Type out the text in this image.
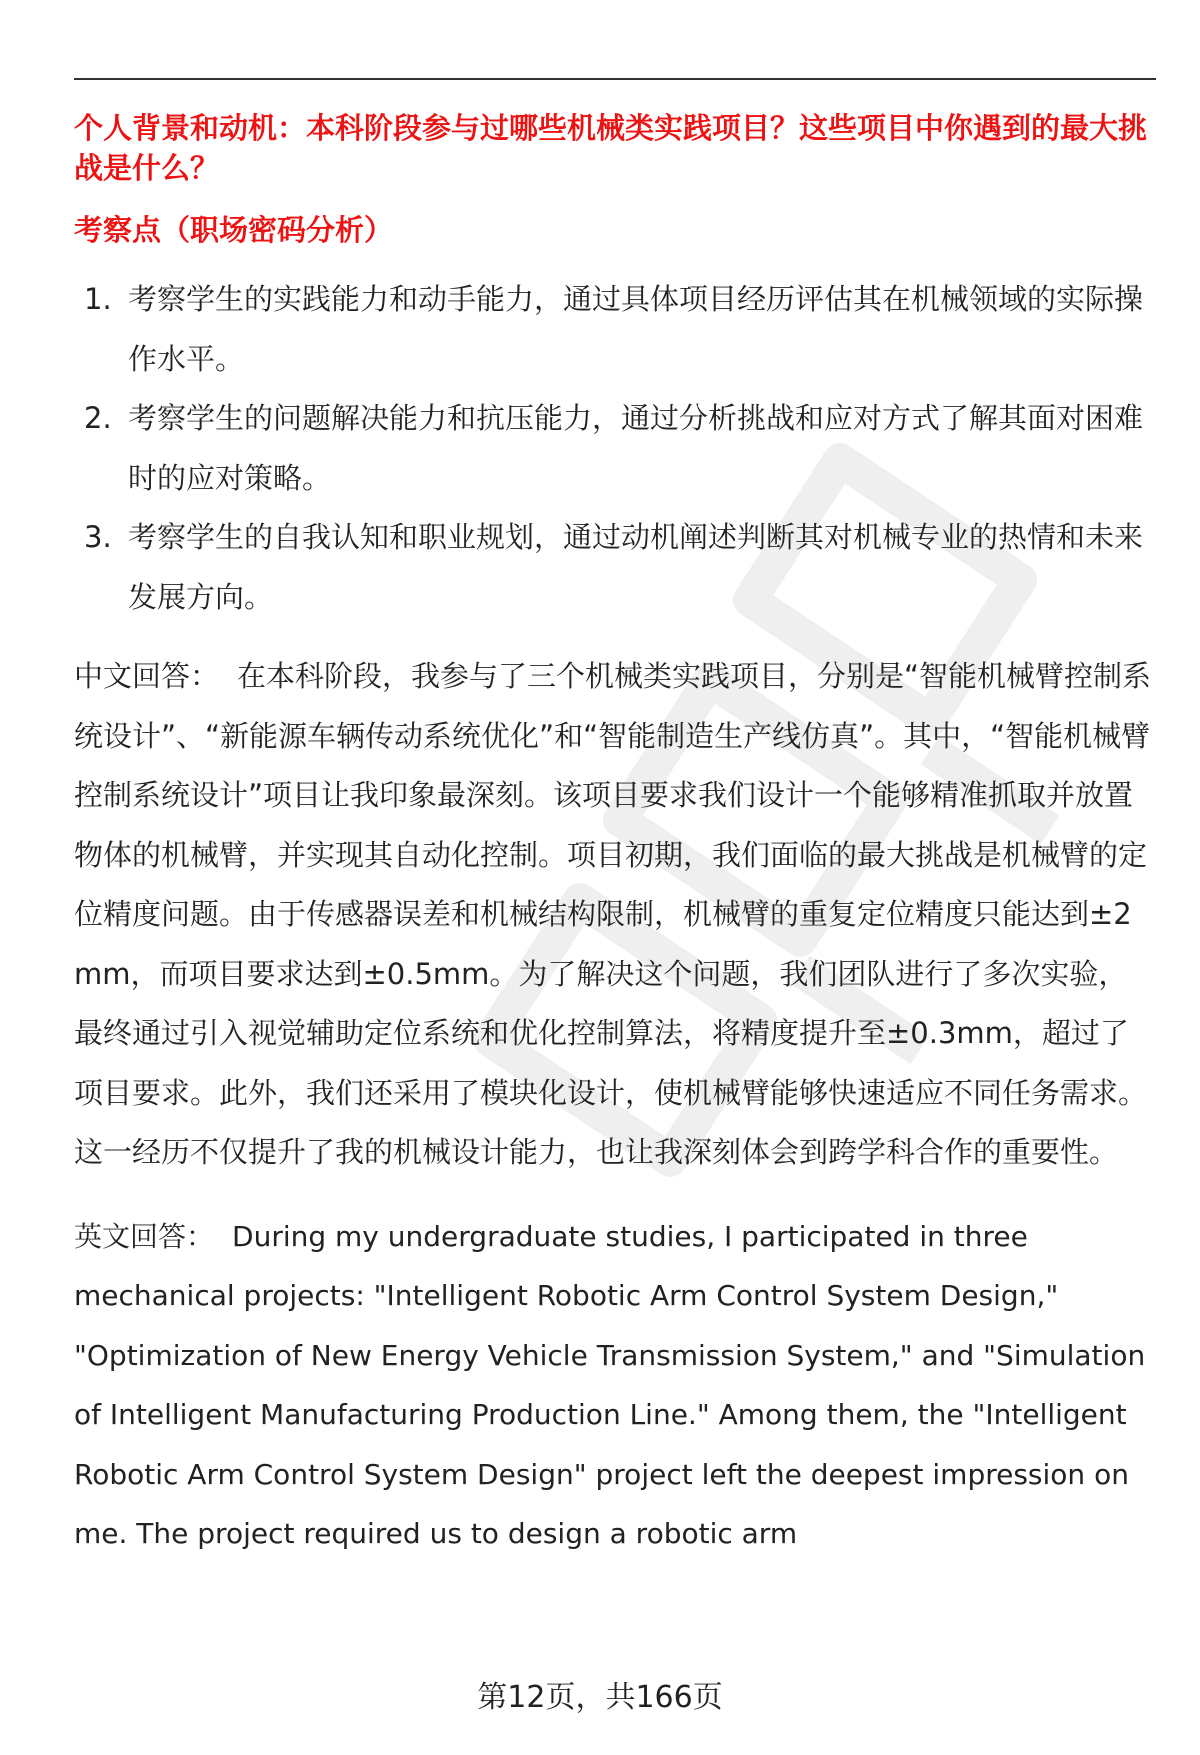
个人背景和动机：本科阶段参与过哪些机械类实践项目？这些项目中你遇到的最大挑战是什么？

考察点（职场密码分析）

1. 考察学生的实践能力和动手能力，通过具体项目经历评估其在机械领域的实际操作水平。
2. 考察学生的问题解决能力和抗压能力，通过分析挑战和应对方式了解其面对困难时的应对策略。
3. 考察学生的自我认知和职业规划，通过动机阐述判断其对机械专业的热情和未来发展方向。

中文回答： 在本科阶段，我参与了三个机械类实践项目，分别是“智能机械臂控制系统设计”、“新能源车辆传动系统优化”和“智能制造生产线仿真”。其中，“智能机械臂控制系统设计”项目让我印象最深刻。该项目要求我们设计一个能够精准抓取并放置物体的机械臂，并实现其自动化控制。项目初期，我们面临的最大挑战是机械臂的定位精度问题。由于传感器误差和机械结构限制，机械臂的重复定位精度只能达到±2mm，而项目要求达到±0.5mm。为了解决这个问题，我们团队进行了多次实验，最终通过引入视觉辅助定位系统和优化控制算法，将精度提升至±0.3mm，超过了项目要求。此外，我们还采用了模块化设计，使机械臂能够快速适应不同任务需求。这一经历不仅提升了我的机械设计能力，也让我深刻体会到跨学科合作的重要性。

英文回答： During my undergraduate studies, I participated in three mechanical projects: "Intelligent Robotic Arm Control System Design," "Optimization of New Energy Vehicle Transmission System," and "Simulation of Intelligent Manufacturing Production Line." Among them, the "Intelligent Robotic Arm Control System Design" project left the deepest impression on me. The project required us to design a robotic arm

第12页，共166页
